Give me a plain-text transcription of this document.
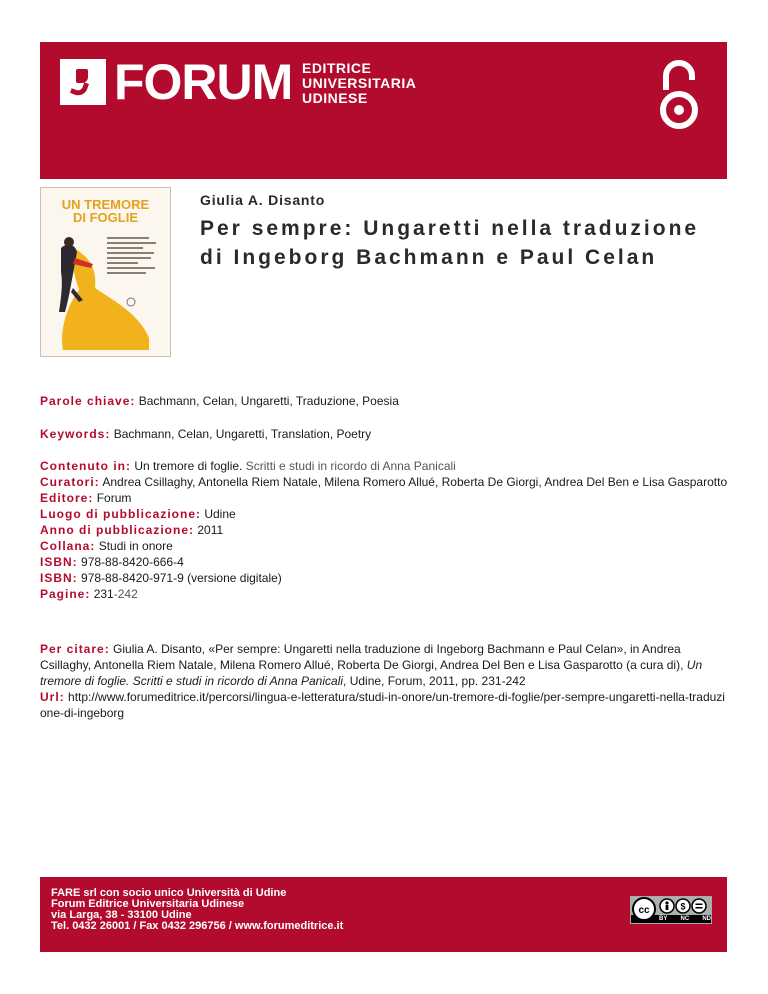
FORUM EDITRICE
UNIVERSITARIA
UDINESE
UN TREMORE
DI FOGLIE
Giulia A. Disanto
Per sempre: Ungaretti nella traduzione di Ingeborg Bachmann e Paul Celan
Parole chiave: Bachmann, Celan, Ungaretti, Traduzione, Poesia
Keywords: Bachmann, Celan, Ungaretti, Translation, Poetry
Contenuto in: Un tremore di foglie. Scritti e studi in ricordo di Anna Panicali
Curatori: Andrea Csillaghy, Antonella Riem Natale, Milena Romero Allué, Roberta De Giorgi, Andrea Del Ben e Lisa Gasparotto
Editore: Forum
Luogo di pubblicazione: Udine
Anno di pubblicazione: 2011
Collana: Studi in onore
ISBN: 978-88-8420-666-4
ISBN: 978-88-8420-971-9 (versione digitale)
Pagine: 231-242
Per citare: Giulia A. Disanto, «Per sempre: Ungaretti nella traduzione di Ingeborg Bachmann e Paul Celan», in Andrea Csillaghy, Antonella Riem Natale, Milena Romero Allué, Roberta De Giorgi, Andrea Del Ben e Lisa Gasparotto (a cura di), Un tremore di foglie. Scritti e studi in ricordo di Anna Panicali, Udine, Forum, 2011, pp. 231-242
Url: http://www.forumeditrice.it/percorsi/lingua-e-letteratura/studi-in-onore/un-tremore-di-foglie/per-sempre-ungaretti-nella-traduzione-di-ingeborg
FARE srl con socio unico Università di Udine
Forum Editrice Universitaria Udinese
via Larga, 38 - 33100 Udine
Tel. 0432 26001 / Fax 0432 296756 / www.forumeditrice.it
cc	$
BY NC ND
